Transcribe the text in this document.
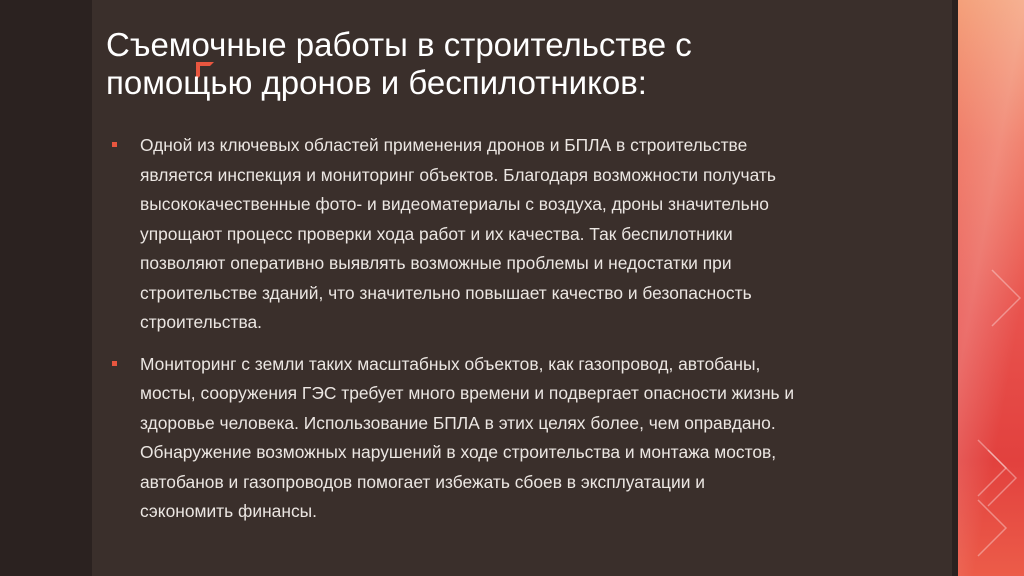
Съемочные работы в строительстве с
помощью дронов и беспилотников:
Одной из ключевых областей применения дронов и БПЛА в строительстве
является инспекция и мониторинг объектов. Благодаря возможности получать
высококачественные фото- и видеоматериалы с воздуха, дроны значительно
упрощают процесс проверки хода работ и их качества. Так беспилотники
позволяют оперативно выявлять возможные проблемы и недостатки при
строительстве зданий, что значительно повышает качество и безопасность
строительства.
Мониторинг с земли таких масштабных объектов, как газопровод, автобаны,
мосты, сооружения ГЭС требует много времени и подвергает опасности жизнь и
здоровье человека. Использование БПЛА в этих целях более, чем оправдано.
Обнаружение возможных нарушений в ходе строительства и монтажа мостов,
автобанов и газопроводов помогает избежать сбоев в эксплуатации и
сэкономить финансы.
